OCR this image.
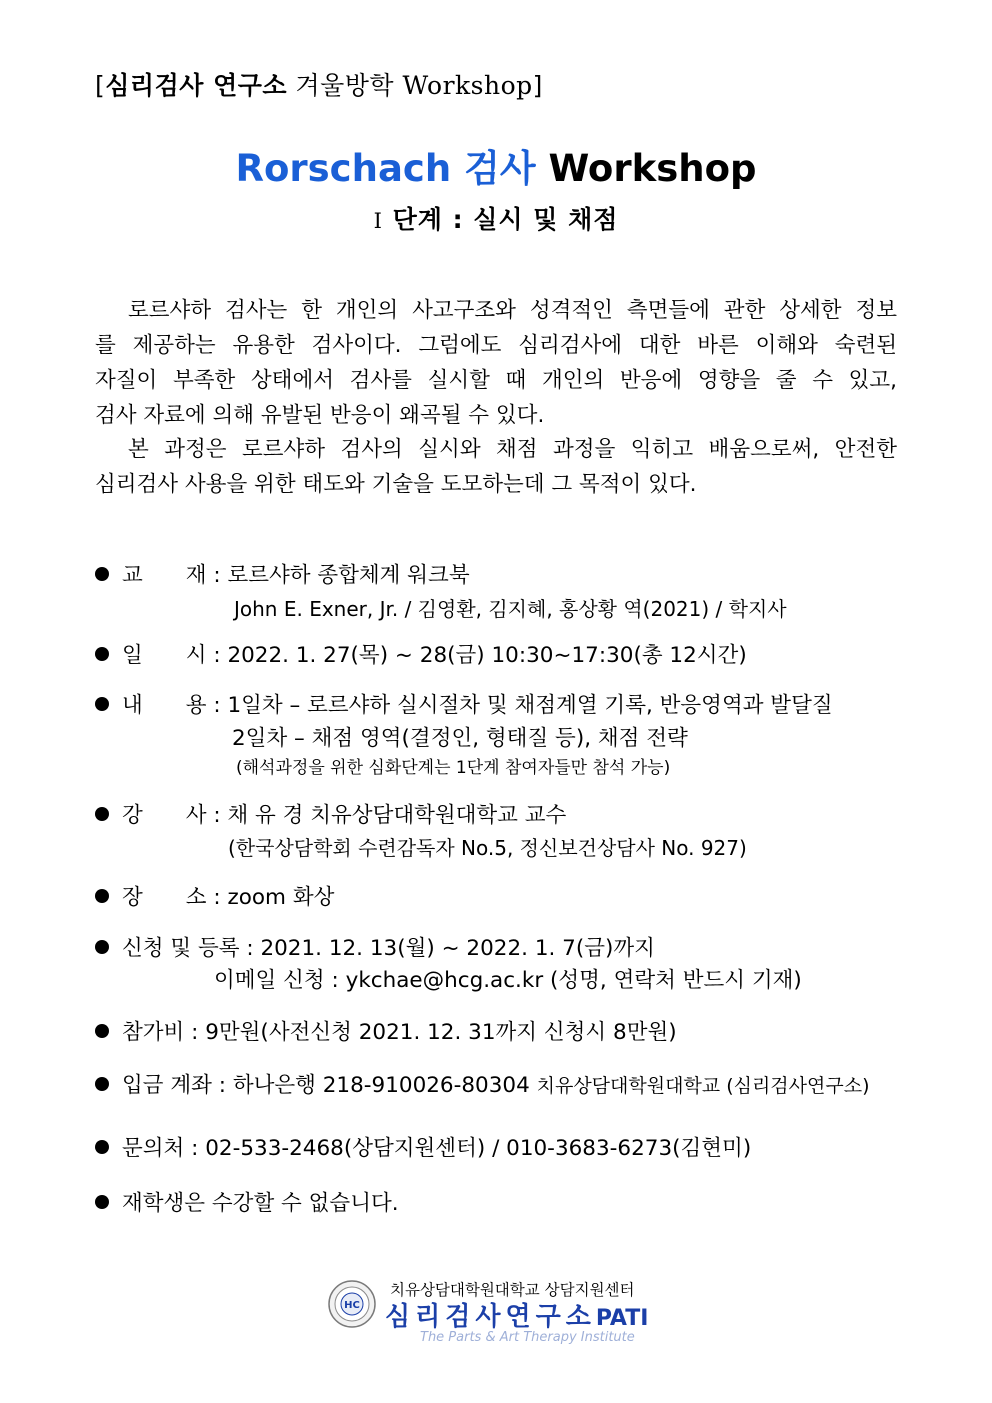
[심리검사 연구소 겨울방학 Workshop]
Rorschach 검사 Workshop
I 단계 : 실시 및 채점
로르샤하 검사는 한 개인의 사고구조와 성격적인 측면들에 관한 상세한 정보
를 제공하는 유용한 검사이다. 그럼에도 심리검사에 대한 바른 이해와 숙련된
자질이 부족한 상태에서 검사를 실시할 때 개인의 반응에 영향을 줄 수 있고,
검사 자료에 의해 유발된 반응이 왜곡될 수 있다.
본 과정은 로르샤하 검사의 실시와 채점 과정을 익히고 배움으로써, 안전한
심리검사 사용을 위한 태도와 기술을 도모하는데 그 목적이 있다.
교　　재 : 로르샤하 종합체계 워크북
John E. Exner, Jr. / 김영환, 김지혜, 홍상황 역(2021) / 학지사
일　　시 : 2022. 1. 27(목) ~ 28(금) 10:30~17:30(총 12시간)
내　　용 : 1일차 – 로르샤하 실시절차 및 채점계열 기록, 반응영역과 발달질
2일차 – 채점 영역(결정인, 형태질 등), 채점 전략
(해석과정을 위한 심화단계는 1단계 참여자들만 참석 가능)
강　　사 : 채 유 경 치유상담대학원대학교 교수
(한국상담학회 수련감독자 No.5, 정신보건상담사 No. 927)
장　　소 : zoom 화상
신청 및 등록 : 2021. 12. 13(월) ~ 2022. 1. 7(금)까지
이메일 신청 : ykchae@hcg.ac.kr (성명, 연락처 반드시 기재)
참가비 : 9만원(사전신청 2021. 12. 31까지 신청시 8만원)
입금 계좌 : 하나은행 218-910026-80304 치유상담대학원대학교 (심리검사연구소)
문의처 : 02-533-2468(상담지원센터) / 010-3683-6273(김현미)
재학생은 수강할 수 없습니다.
HC
치유상담대학원대학교 상담지원센터
심리검사연구소PATI
The Parts & Art Therapy Institute
